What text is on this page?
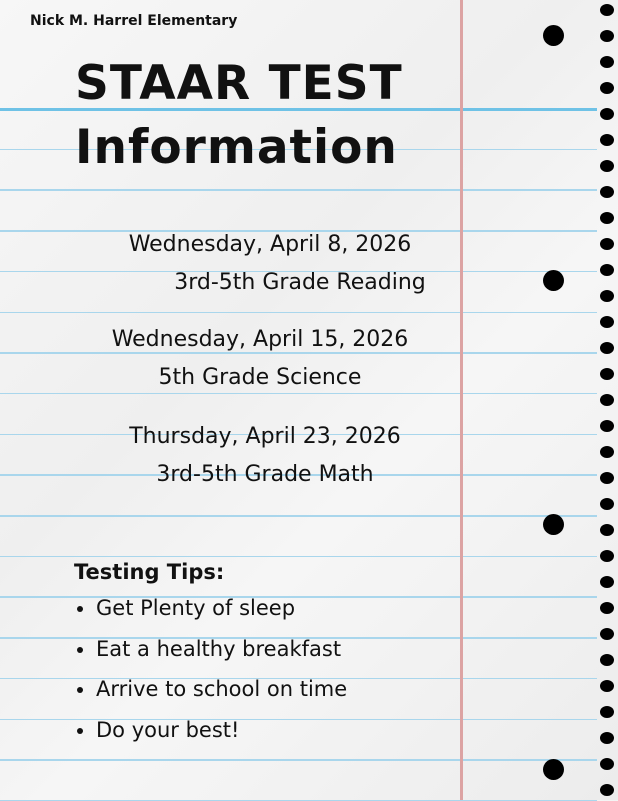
Nick M. Harrel Elementary
STAAR TEST
Information
Wednesday, April 8, 2026
3rd-5th Grade Reading
Wednesday, April 15, 2026
5th Grade Science
Thursday, April 23, 2026
3rd-5th Grade Math
Testing Tips:
• Get Plenty of sleep
• Eat a healthy breakfast
• Arrive to school on time
• Do your best!
